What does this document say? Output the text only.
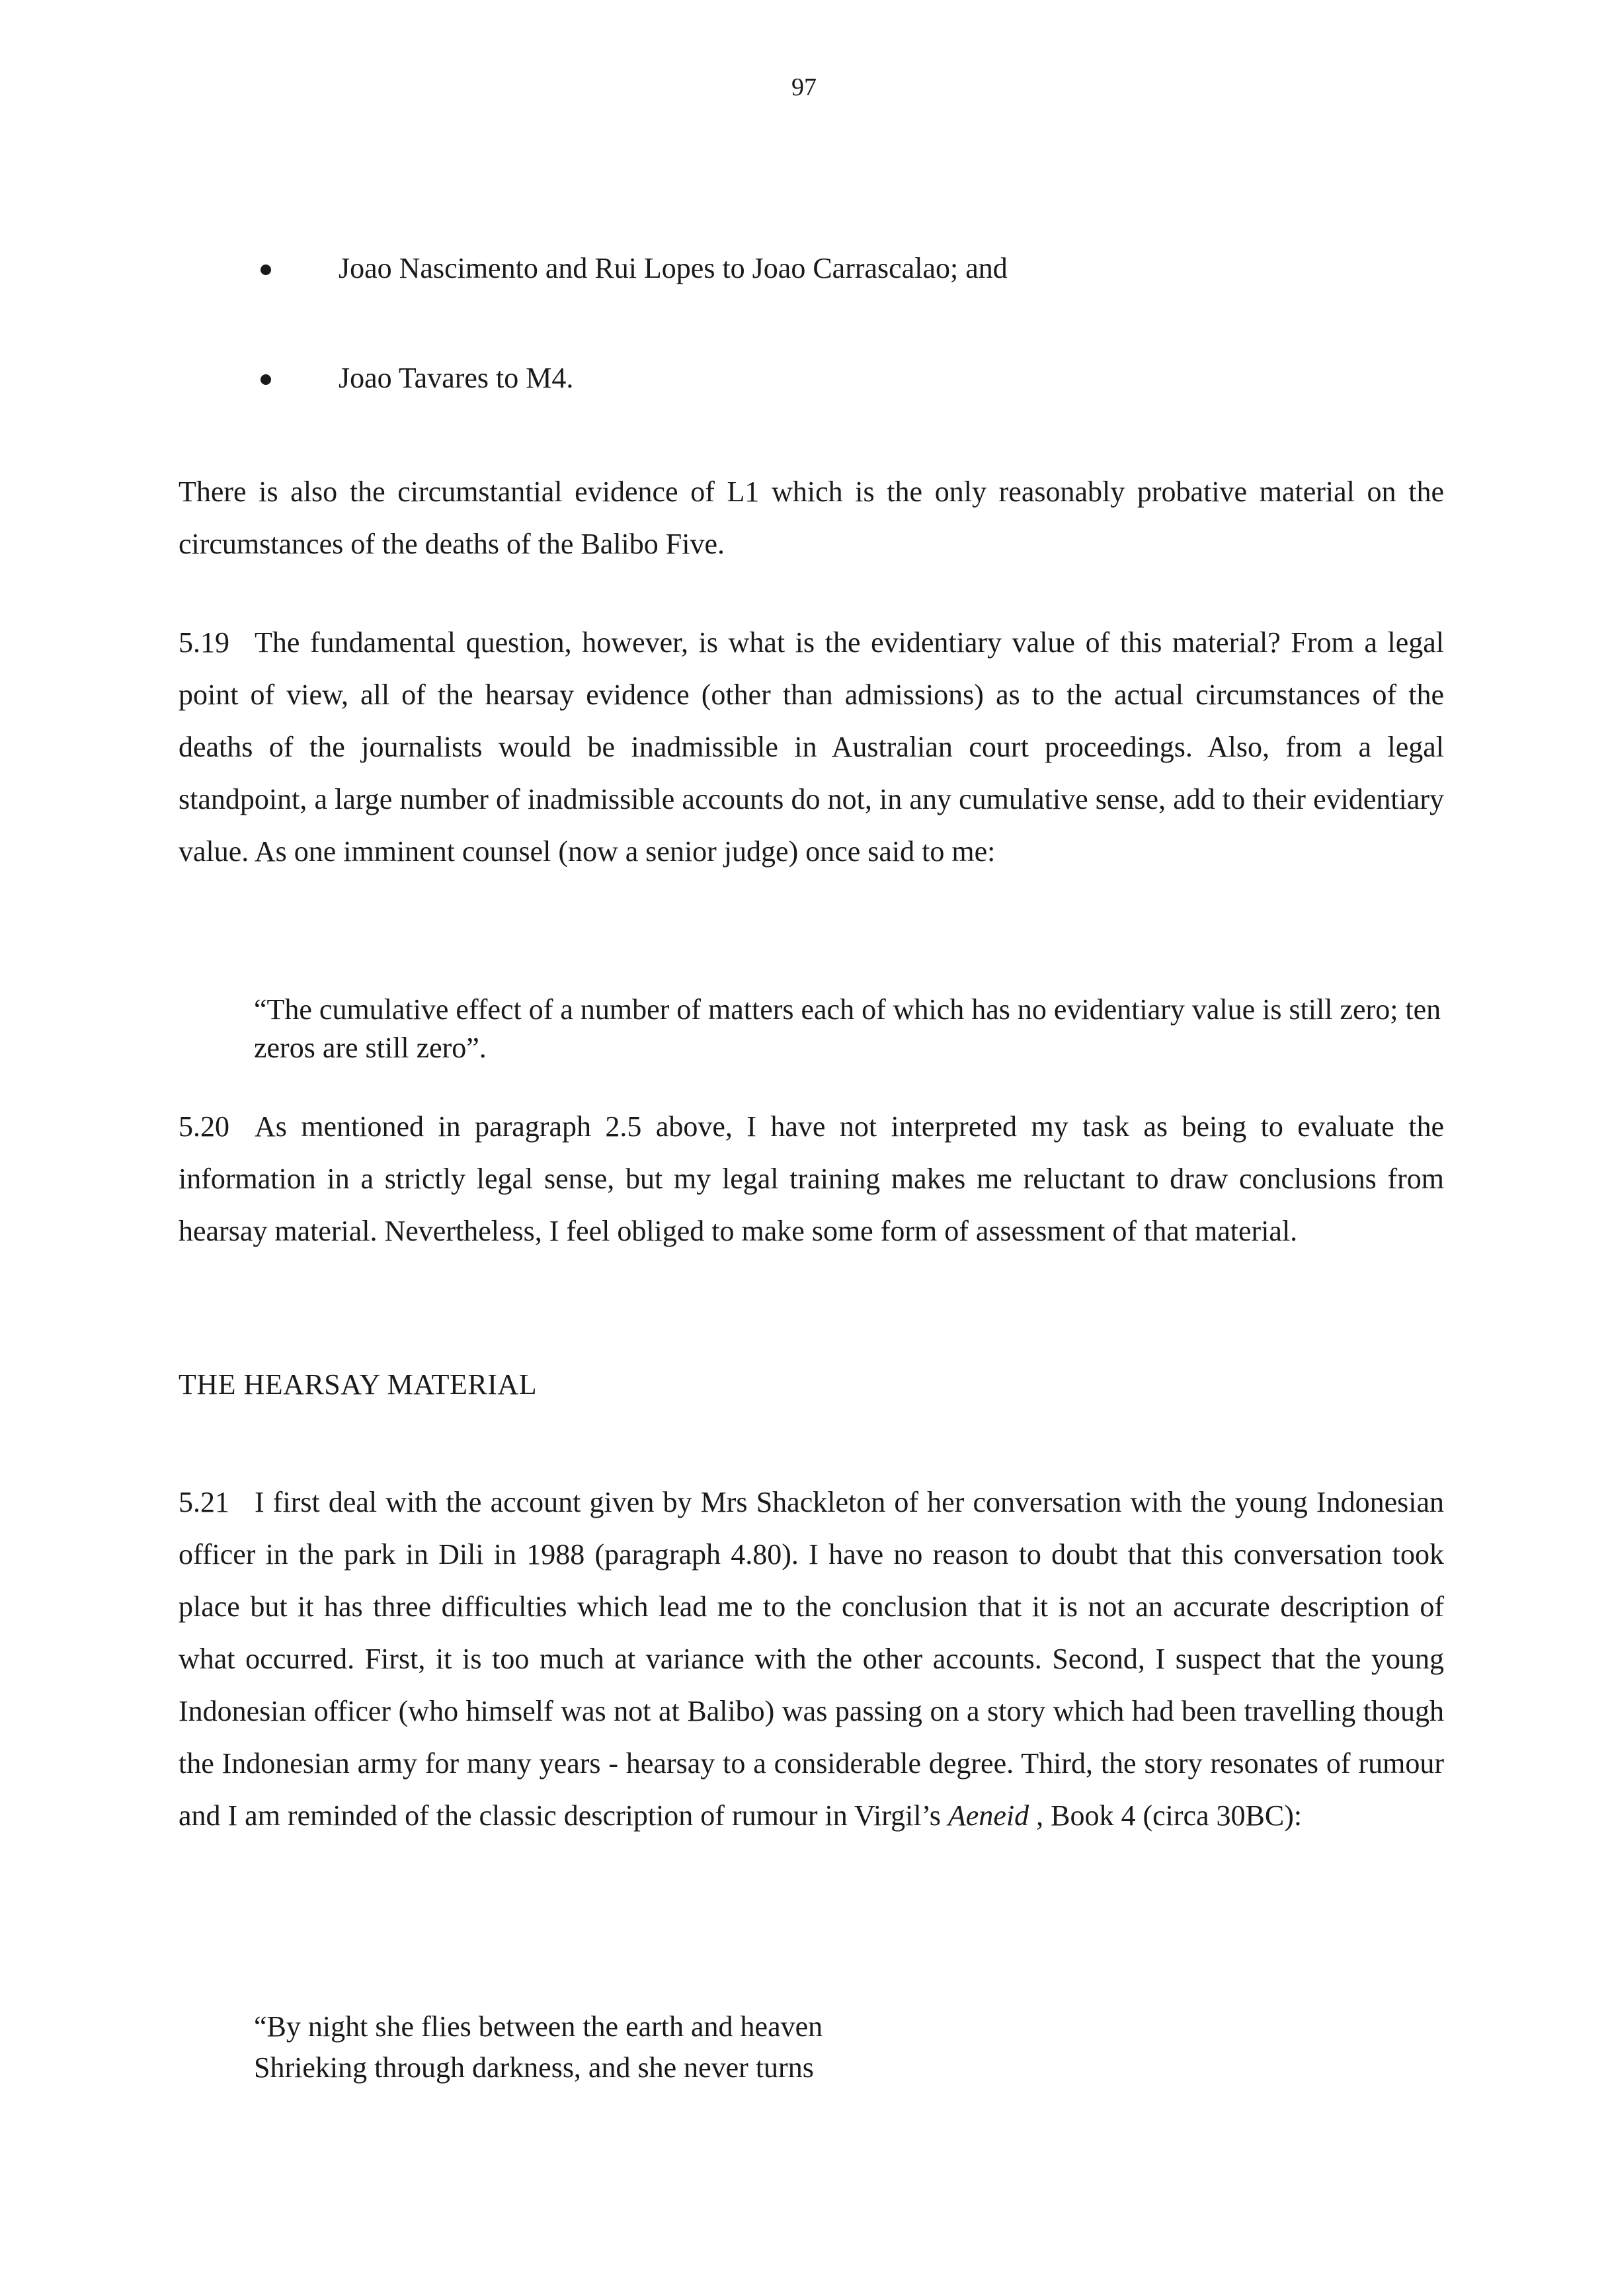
97
Joao Nascimento and Rui Lopes to Joao Carrascalao; and
Joao Tavares to M4.

There is also the circumstantial evidence of L1 which is the only reasonably probative material on the circumstances of the deaths of the Balibo Five.

5.19 The fundamental question, however, is what is the evidentiary value of this material? From a legal point of view, all of the hearsay evidence (other than admissions) as to the actual circumstances of the deaths of the journalists would be inadmissible in Australian court proceedings. Also, from a legal standpoint, a large number of inadmissible accounts do not, in any cumulative sense, add to their evidentiary value. As one imminent counsel (now a senior judge) once said to me:

“The cumulative effect of a number of matters each of which has no evidentiary value is still zero; ten zeros are still zero”.

5.20 As mentioned in paragraph 2.5 above, I have not interpreted my task as being to evaluate the information in a strictly legal sense, but my legal training makes me reluctant to draw conclusions from hearsay material. Nevertheless, I feel obliged to make some form of assessment of that material.

THE HEARSAY MATERIAL

5.21 I first deal with the account given by Mrs Shackleton of her conversation with the young Indonesian officer in the park in Dili in 1988 (paragraph 4.80). I have no reason to doubt that this conversation took place but it has three difficulties which lead me to the conclusion that it is not an accurate description of what occurred. First, it is too much at variance with the other accounts. Second, I suspect that the young Indonesian officer (who himself was not at Balibo) was passing on a story which had been travelling though the Indonesian army for many years - hearsay to a considerable degree. Third, the story resonates of rumour and I am reminded of the classic description of rumour in Virgil’s Aeneid , Book 4 (circa 30BC):

“By night she flies between the earth and heaven
Shrieking through darkness, and she never turns
